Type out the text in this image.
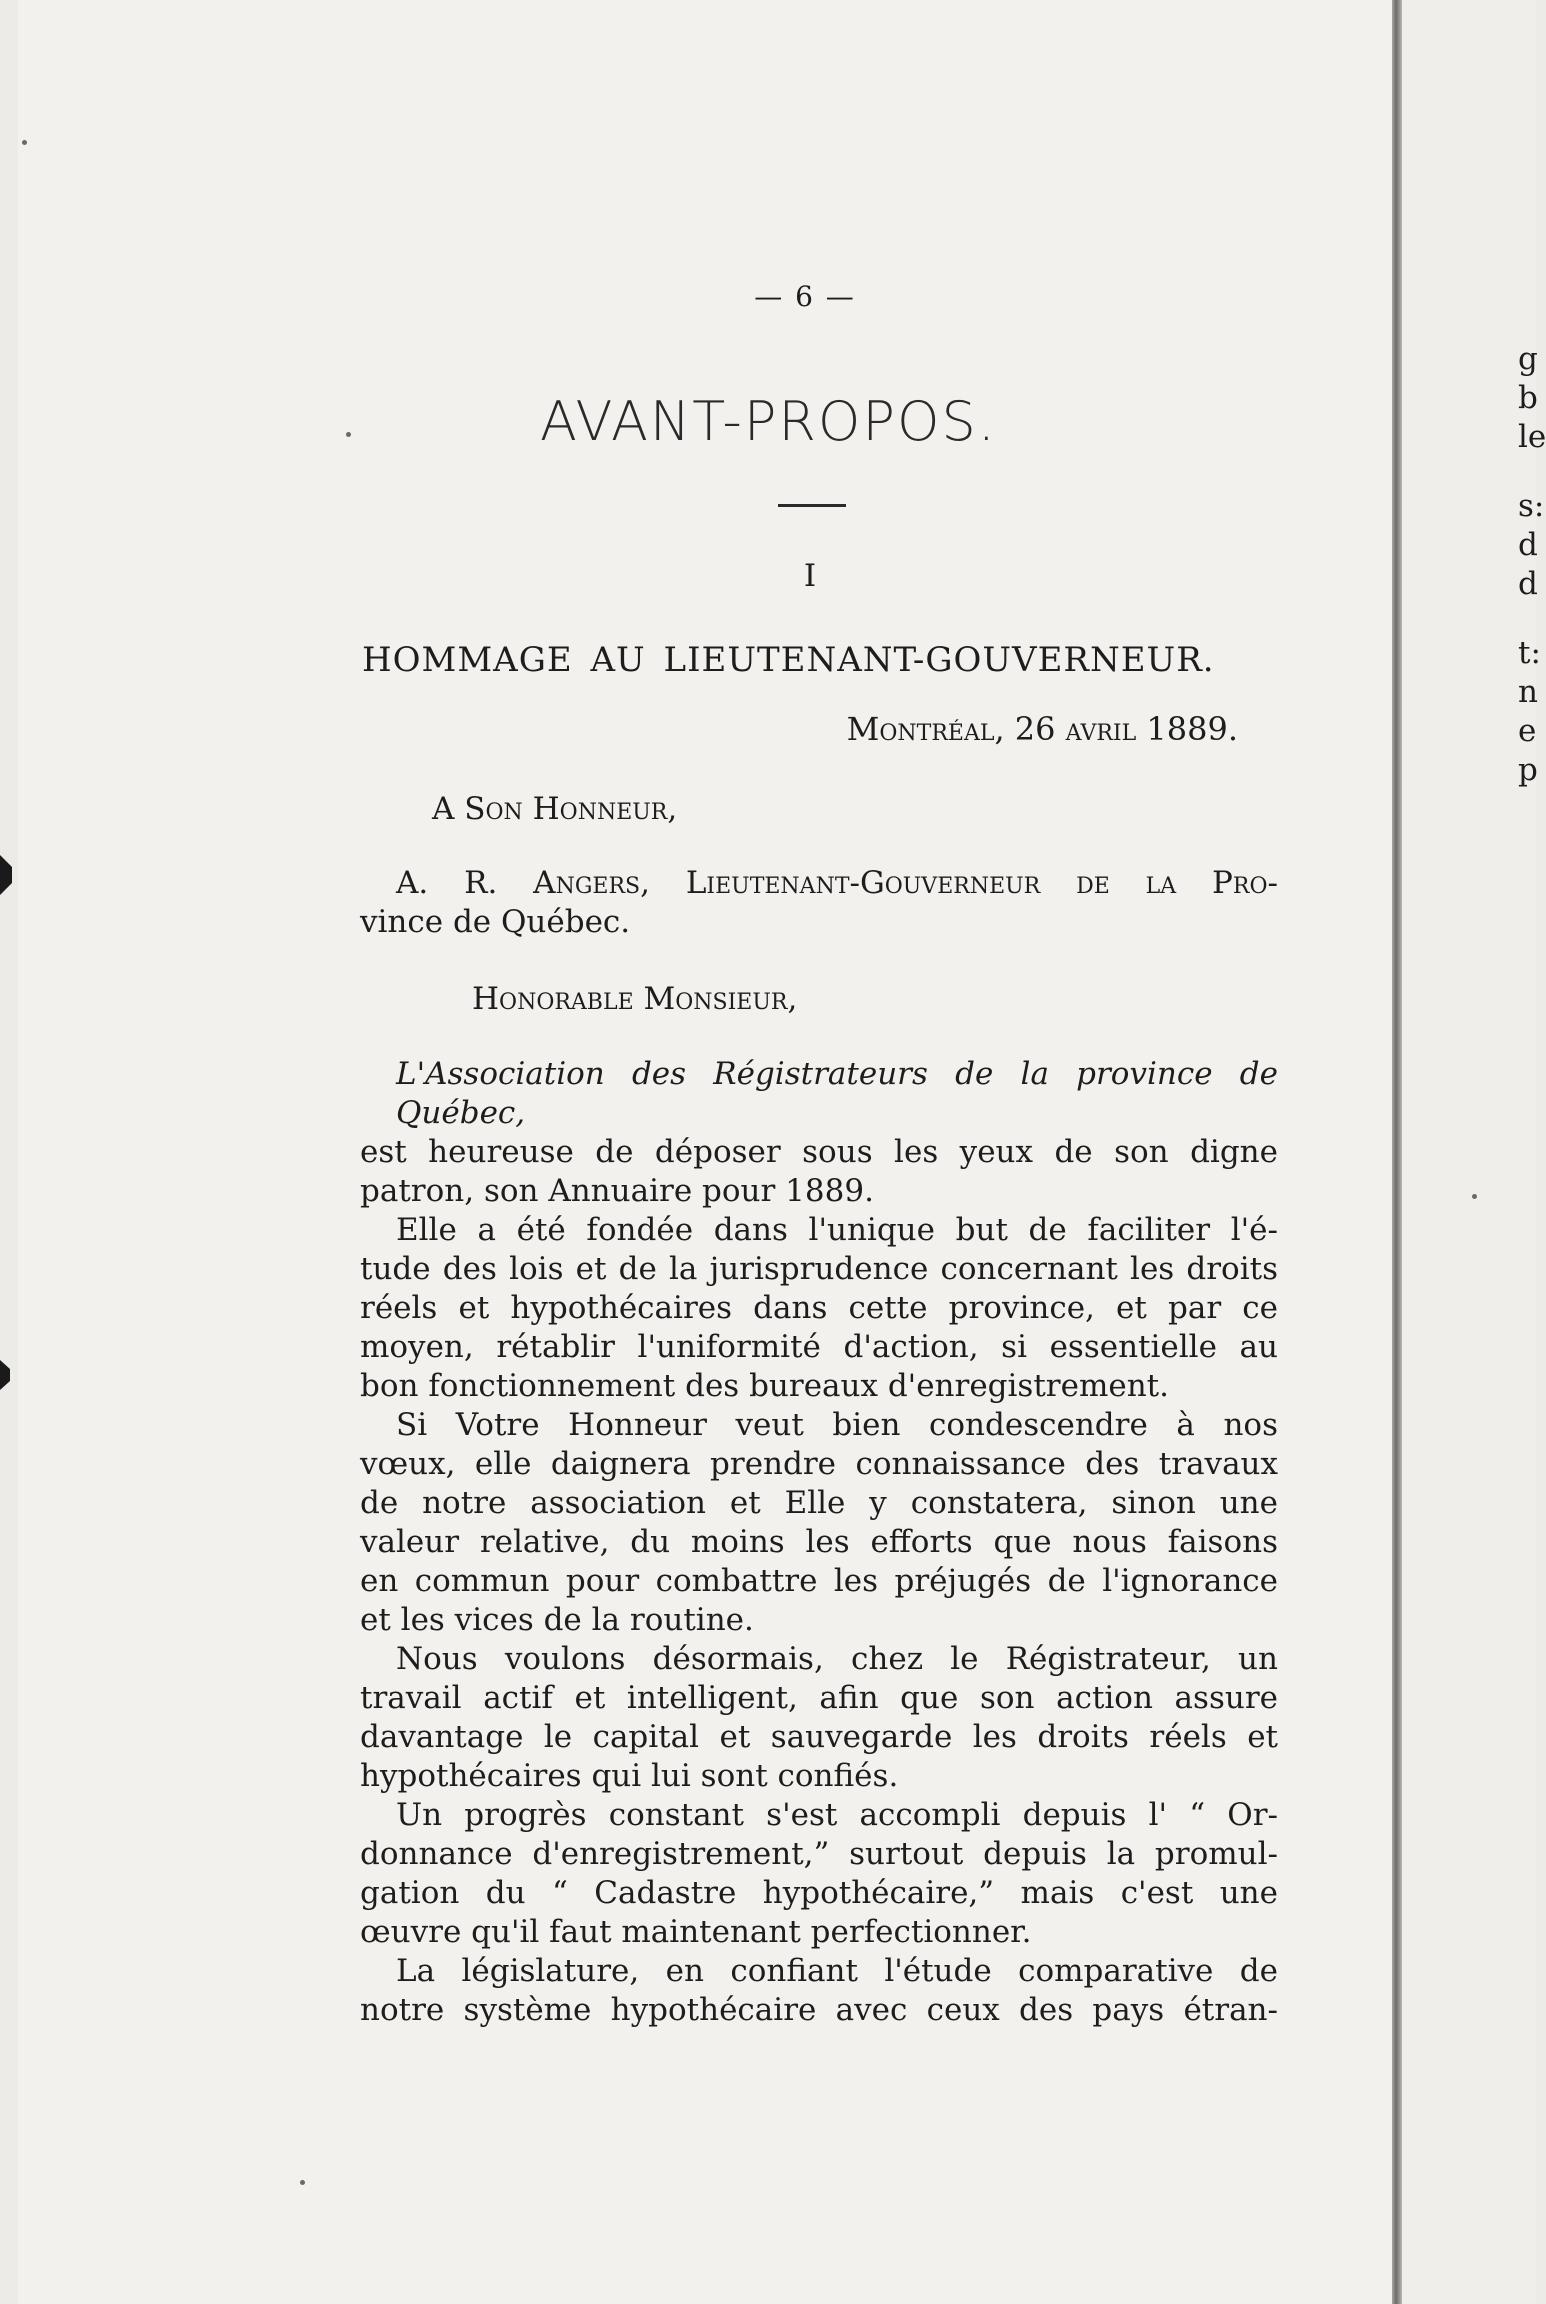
g
b
le
s:
d
d
t:
n
e
p
— 6 —
AVANT-PROPOS.
I
HOMMAGE AU LIEUTENANT-GOUVERNEUR.
Montréal, 26 avril 1889.
A Son Honneur,
A. R. Angers, Lieutenant-Gouverneur de la Pro-
vince de Québec.
Honorable Monsieur,
L'Association des Régistrateurs de la province de Québec,
est heureuse de déposer sous les yeux de son digne
patron, son Annuaire pour 1889.
Elle a été fondée dans l'unique but de faciliter l'é-
tude des lois et de la jurisprudence concernant les droits
réels et hypothécaires dans cette province, et par ce
moyen, rétablir l'uniformité d'action, si essentielle au
bon fonctionnement des bureaux d'enregistrement.
Si Votre Honneur veut bien condescendre à nos
vœux, elle daignera prendre connaissance des travaux
de notre association et Elle y constatera, sinon une
valeur relative, du moins les efforts que nous faisons
en commun pour combattre les préjugés de l'ignorance
et les vices de la routine.
Nous voulons désormais, chez le Régistrateur, un
travail actif et intelligent, afin que son action assure
davantage le capital et sauvegarde les droits réels et
hypothécaires qui lui sont confiés.
Un progrès constant s'est accompli depuis l' “ Or-
donnance d'enregistrement,” surtout depuis la promul-
gation du “ Cadastre hypothécaire,” mais c'est une
œuvre qu'il faut maintenant perfectionner.
La législature, en confiant l'étude comparative de
notre système hypothécaire avec ceux des pays étran-
